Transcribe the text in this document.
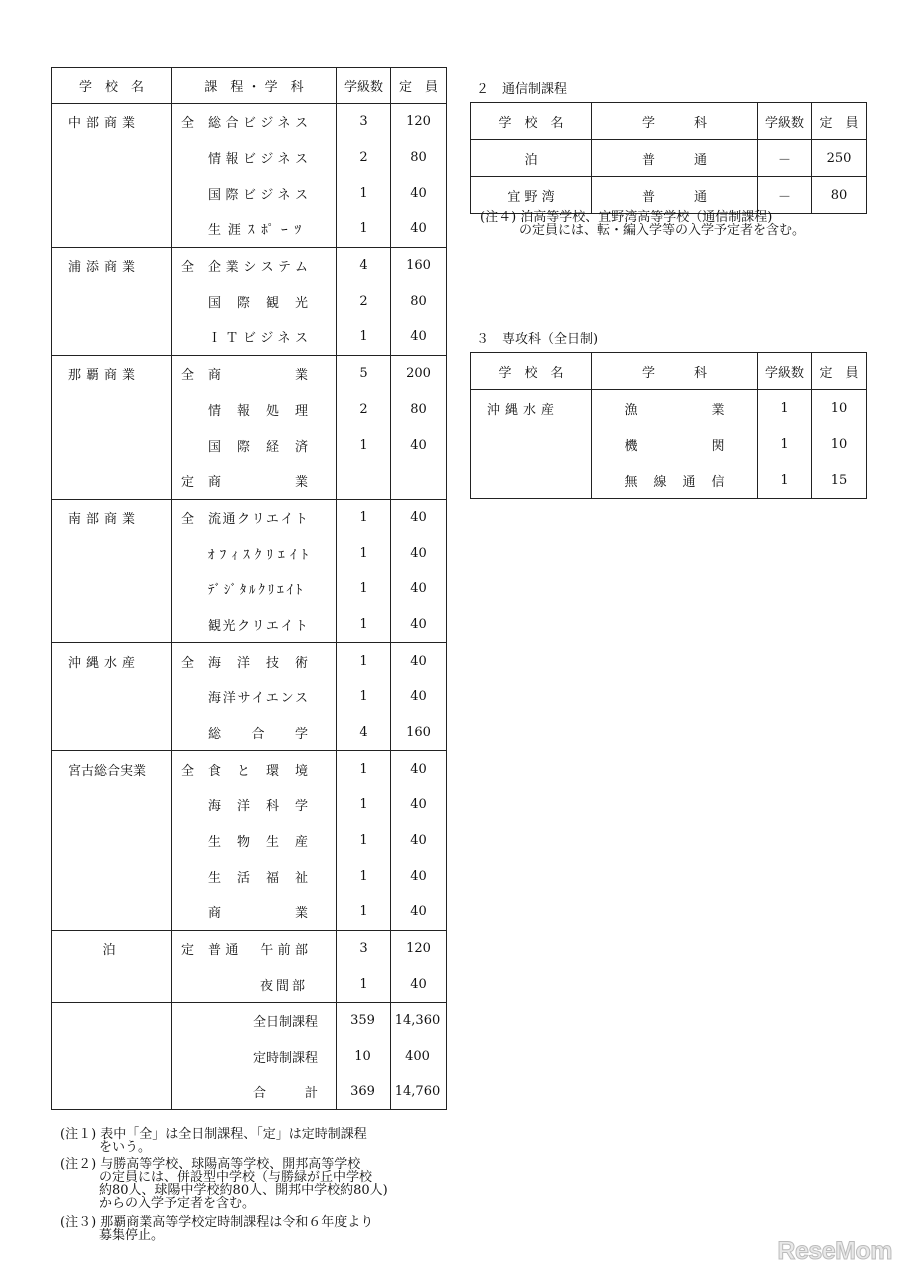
学　校　名	課　程 ・ 学　科	学級数	定　員
中部商業	全 総合ビジネス	3	120

	情報ビジネス	2	80

	国際ビジネス	1	40

	生涯ｽﾎﾟｰﾂ	1	40
浦添商業	全 企業システム	4	160

	国際観光	2	80

	ＩＴビジネス	1	40
那覇商業	全 商業	5	200

	情報処理	2	80

	国際経済	1	40

	定 商業		

南部商業	全 流通クリエイト	1	40

	ｵﾌｨｽｸﾘｴｲﾄ	1	40

	ﾃﾞｼﾞﾀﾙｸﾘｴｲﾄ	1	40

	観光クリエイト	1	40
沖縄水産	全 海洋技術	1	40

	海洋サイエンス	1	40

	総合学	4	160
宮古総合実業	全 食と環境	1	40

	海洋科学	1	40

	生物生産	1	40

	生活福祉	1	40

	商業	1	40
泊	定 普通　午前部	3	120

	夜間部	1	40
	全日制課程	359	14,360
	定時制課程	10	400
	合　　　計	369	14,760
２　通信制課程
学　校　名	学　　　科	学級数	定　員
泊	普　　　通	－	250
宜 野 湾	普　　　通	－	80
(注４) 泊高等学校、宜野湾高等学校（通信制課程)
　　　の定員には、転・編入学等の入学予定者を含む。
３　専攻科（全日制)
学　校　名	学　　　科	学級数	定　員
沖縄水産	漁業	1	10
	機関	1	10
	無線通信	1	15
(注１) 表中「全」は全日制課程、「定」は定時制課程
　　　をいう。
(注２) 与勝高等学校、球陽高等学校、開邦高等学校
　　　の定員には、併設型中学校（与勝緑が丘中学校
　　　約80人、球陽中学校約80人、開邦中学校約80人)
　　　からの入学予定者を含む。
(注３) 那覇商業高等学校定時制課程は令和６年度より
　　　募集停止。
ReseMom
